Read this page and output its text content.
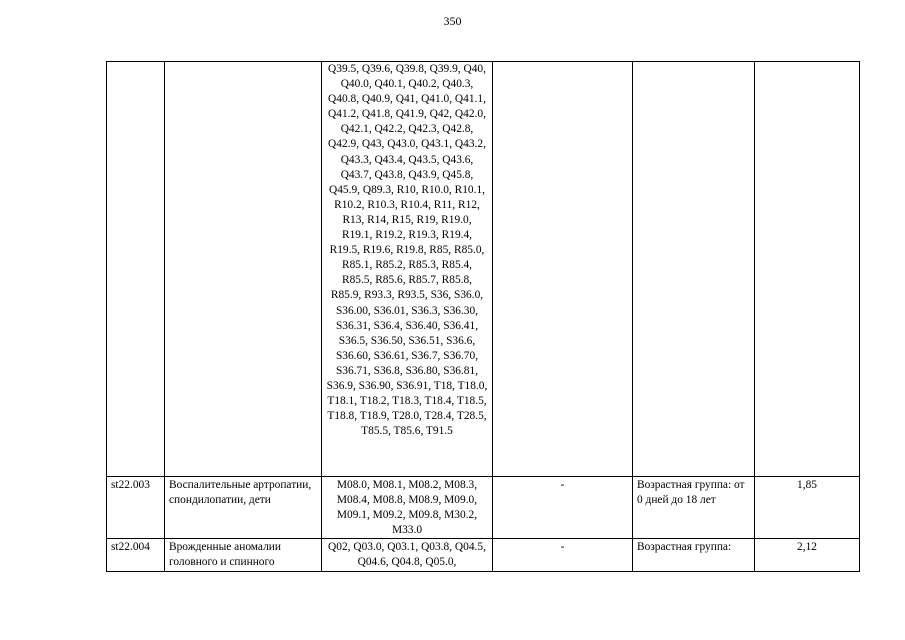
350
		Q39.5, Q39.6, Q39.8, Q39.9, Q40, Q40.0, Q40.1, Q40.2, Q40.3, Q40.8, Q40.9, Q41, Q41.0, Q41.1, Q41.2, Q41.8, Q41.9, Q42, Q42.0, Q42.1, Q42.2, Q42.3, Q42.8, Q42.9, Q43, Q43.0, Q43.1, Q43.2, Q43.3, Q43.4, Q43.5, Q43.6, Q43.7, Q43.8, Q43.9, Q45.8, Q45.9, Q89.3, R10, R10.0, R10.1, R10.2, R10.3, R10.4, R11, R12, R13, R14, R15, R19, R19.0, R19.1, R19.2, R19.3, R19.4, R19.5, R19.6, R19.8, R85, R85.0, R85.1, R85.2, R85.3, R85.4, R85.5, R85.6, R85.7, R85.8, R85.9, R93.3, R93.5, S36, S36.0, S36.00, S36.01, S36.3, S36.30, S36.31, S36.4, S36.40, S36.41, S36.5, S36.50, S36.51, S36.6, S36.60, S36.61, S36.7, S36.70, S36.71, S36.8, S36.80, S36.81, S36.9, S36.90, S36.91, T18, T18.0, T18.1, T18.2, T18.3, T18.4, T18.5, T18.8, T18.9, T28.0, T28.4, T28.5, T85.5, T85.6, T91.5			
st22.003	Воспалительные артропатии, спондилопатии, дети	M08.0, M08.1, M08.2, M08.3, M08.4, M08.8, M08.9, M09.0, M09.1, M09.2, M09.8, M30.2, M33.0	-	Возрастная группа: от 0 дней до 18 лет	1,85
st22.004	Врожденные аномалии головного и спинного	Q02, Q03.0, Q03.1, Q03.8, Q04.5, Q04.6, Q04.8, Q05.0,	-	Возрастная группа:	2,12
